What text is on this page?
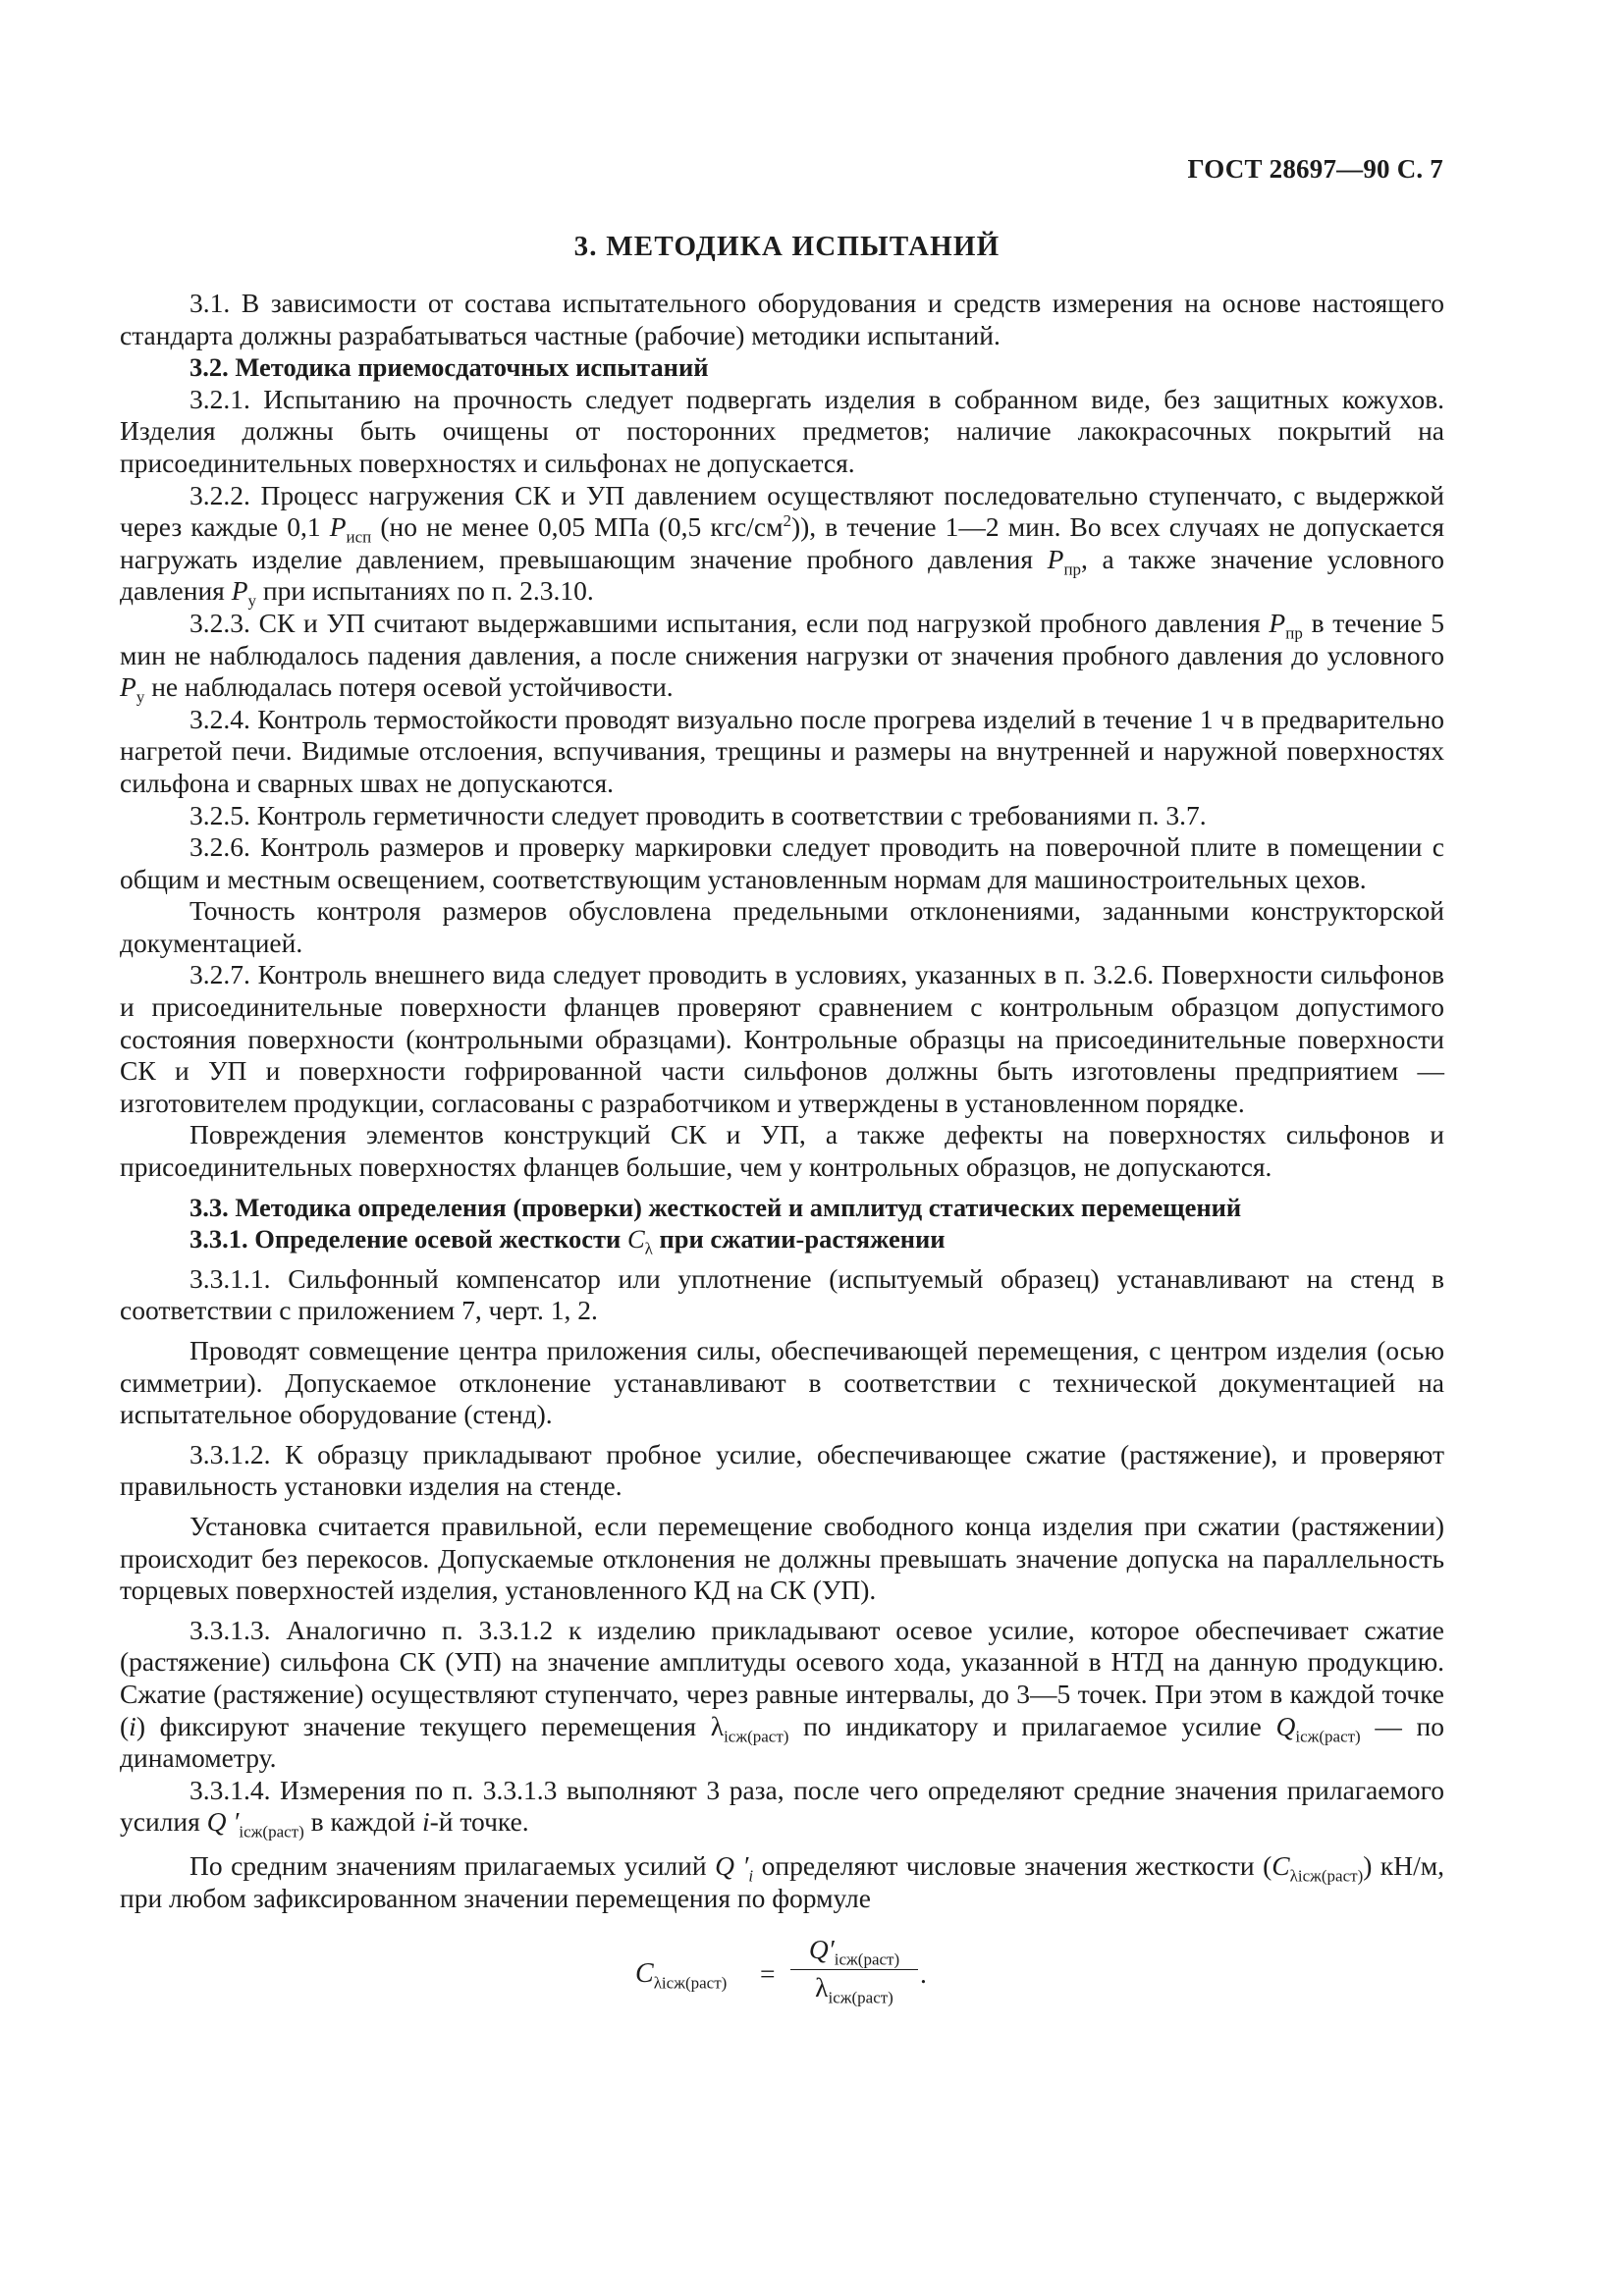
ГОСТ 28697—90 С. 7
3. МЕТОДИКА ИСПЫТАНИЙ

3.1. В зависимости от состава испытательного оборудования и средств измерения на основе настоящего стандарта должны разрабатываться частные (рабочие) методики испытаний.

3.2. Методика приемосдаточных испытаний

3.2.1. Испытанию на прочность следует подвергать изделия в собранном виде, без защитных кожухов. Изделия должны быть очищены от посторонних предметов; наличие лакокрасочных покрытий на присоединительных поверхностях и сильфонах не допускается.

3.2.2. Процесс нагружения СК и УП давлением осуществляют последовательно ступенчато, с выдержкой через каждые 0,1 $P_{исп}$ (но не менее 0,05 МПа (0,5 кгс/$см^2$)), в течение 1—2 мин. Во всех случаях не допускается нагружать изделие давлением, превышающим значение пробного давления $P_{пр}$, а также значение условного давления $P_у$ при испытаниях по п. 2.3.10.

3.2.3. СК и УП считают выдержавшими испытания, если под нагрузкой пробного давления $P_{пр}$ в течение 5 мин не наблюдалось падения давления, а после снижения нагрузки от значения пробного давления до условного $P_у$ не наблюдалась потеря осевой устойчивости.

3.2.4. Контроль термостойкости проводят визуально после прогрева изделий в течение 1 ч в предварительно нагретой печи. Видимые отслоения, вспучивания, трещины и размеры на внутренней и наружной поверхностях сильфона и сварных швах не допускаются.

3.2.5. Контроль герметичности следует проводить в соответствии с требованиями п. 3.7.

3.2.6. Контроль размеров и проверку маркировки следует проводить на поверочной плите в помещении с общим и местным освещением, соответствующим установленным нормам для машиностроительных цехов.

Точность контроля размеров обусловлена предельными отклонениями, заданными конструкторской документацией.

3.2.7. Контроль внешнего вида следует проводить в условиях, указанных в п. 3.2.6. Поверхности сильфонов и присоединительные поверхности фланцев проверяют сравнением с контрольным образцом допустимого состояния поверхности (контрольными образцами). Контрольные образцы на присоединительные поверхности СК и УП и поверхности гофрированной части сильфонов должны быть изготовлены предприятием — изготовителем продукции, согласованы с разработчиком и утверждены в установленном порядке.

Повреждения элементов конструкций СК и УП, а также дефекты на поверхностях сильфонов и присоединительных поверхностях фланцев большие, чем у контрольных образцов, не допускаются.

3.3. Методика определения (проверки) жесткостей и амплитуд статических перемещений

3.3.1. Определение осевой жесткости $C_\lambda$ при сжатии-растяжении

3.3.1.1. Сильфонный компенсатор или уплотнение (испытуемый образец) устанавливают на стенд в соответствии с приложением 7, черт. 1, 2.

Проводят совмещение центра приложения силы, обеспечивающей перемещения, с центром изделия (осью симметрии). Допускаемое отклонение устанавливают в соответствии с технической документацией на испытательное оборудование (стенд).

3.3.1.2. К образцу прикладывают пробное усилие, обеспечивающее сжатие (растяжение), и проверяют правильность установки изделия на стенде.

Установка считается правильной, если перемещение свободного конца изделия при сжатии (растяжении) происходит без перекосов. Допускаемые отклонения не должны превышать значение допуска на параллельность торцевых поверхностей изделия, установленного КД на СК (УП).

3.3.1.3. Аналогично п. 3.3.1.2 к изделию прикладывают осевое усилие, которое обеспечивает сжатие (растяжение) сильфона СК (УП) на значение амплитуды осевого хода, указанной в НТД на данную продукцию. Сжатие (растяжение) осуществляют ступенчато, через равные интервалы, до 3—5 точек. При этом в каждой точке (i) фиксируют значение текущего перемещения $\lambda_{iсж(раст)}$ по индикатору и прилагаемое усилие $Q_{iсж(раст)}$ — по динамометру.

3.3.1.4. Измерения по п. 3.3.1.3 выполняют 3 раза, после чего определяют средние значения прилагаемого усилия Q $'_{iсж(раст)}$ в каждой i-й точке.

По средним значениям прилагаемых усилий Q $'_i$ определяют числовые значения жесткости $(C_{\lambda iсж(раст)})$ кН/м, при любом зафиксированном значении перемещения по формуле

$C_{\lambda iсж(раст)}$ =
$Q'_{iсж(раст)}$
$\lambda_{iсж(раст)}$
.
